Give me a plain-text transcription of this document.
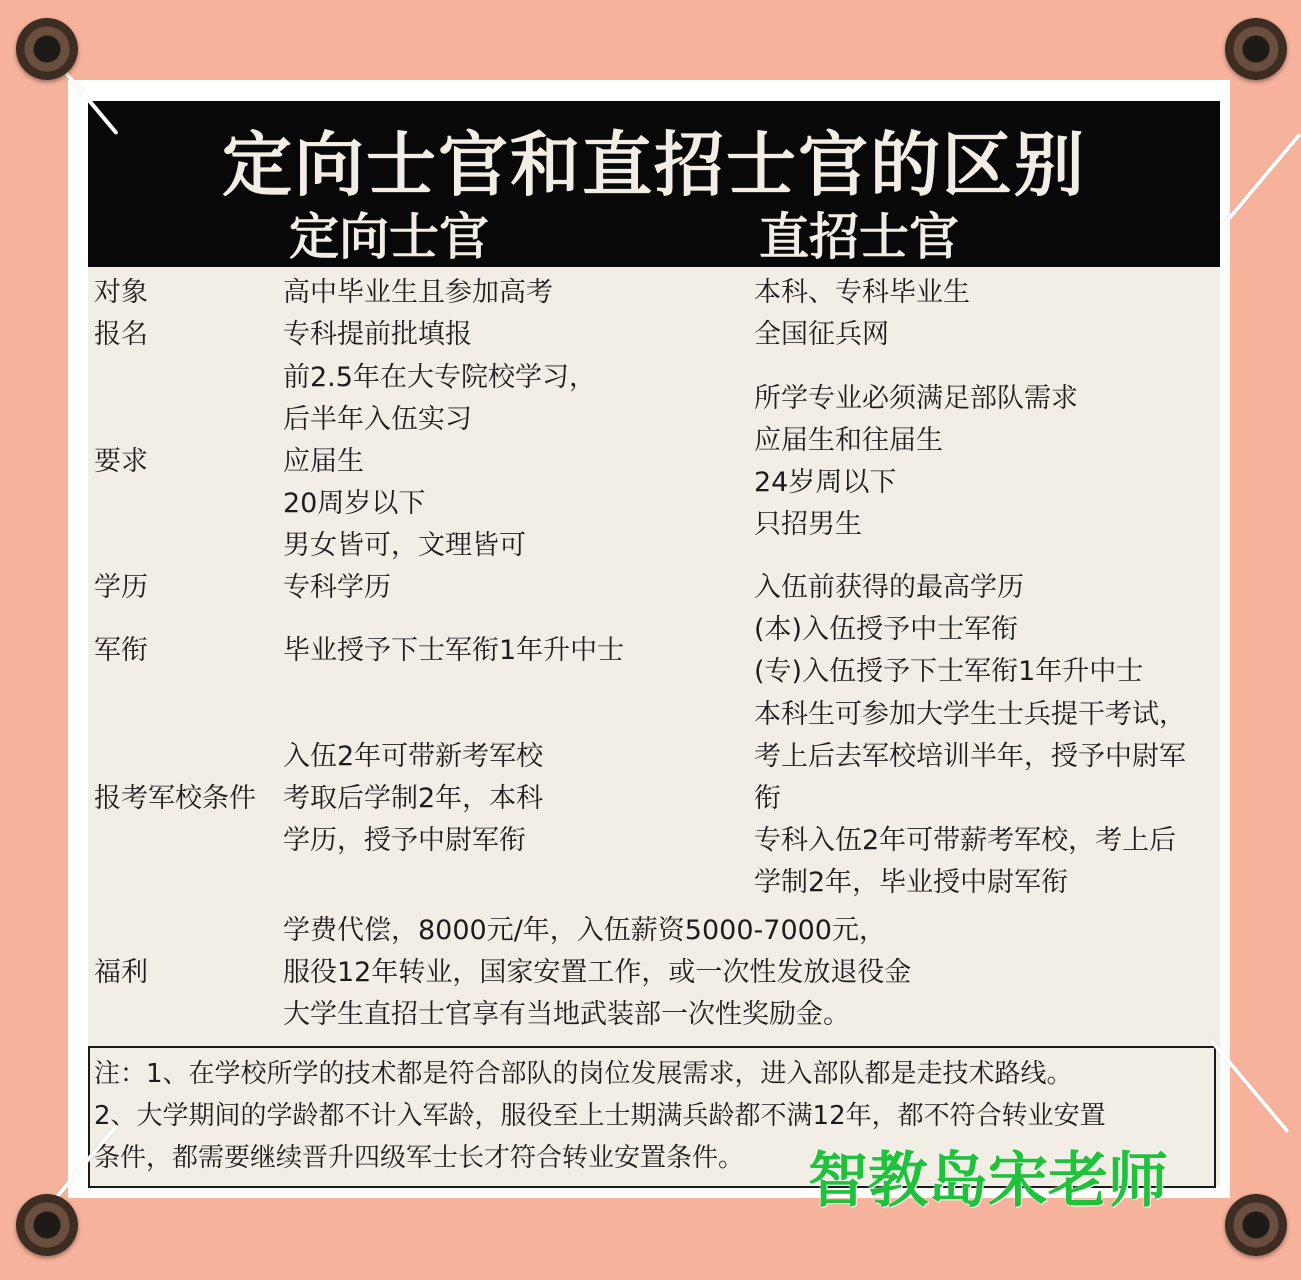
定向士官和直招士官的区别
定向士官	直招士官
对象
报名
要求
学历
军衔
报考军校条件
福利
高中毕业生且参加高考
专科提前批填报
前2.5年在大专院校学习，
后半年入伍实习
应届生
20周岁以下
男女皆可，文理皆可
专科学历
毕业授予下士军衔1年升中士
入伍2年可带新考军校
考取后学制2年，本科
学历，授予中尉军衔
学费代偿，8000元/年，入伍薪资5000-7000元，
服役12年转业，国家安置工作，或一次性发放退役金
大学生直招士官享有当地武装部一次性奖励金。
本科、专科毕业生
全国征兵网
所学专业必须满足部队需求
应届生和往届生
24岁周以下
只招男生
入伍前获得的最高学历
(本)入伍授予中士军衔
(专)入伍授予下士军衔1年升中士
本科生可参加大学生士兵提干考试，
考上后去军校培训半年，授予中尉军
衔
专科入伍2年可带薪考军校，考上后
学制2年，毕业授中尉军衔
注：1、在学校所学的技术都是符合部队的岗位发展需求，进入部队都是走技术路线。
2、大学期间的学龄都不计入军龄，服役至上士期满兵龄都不满12年，都不符合转业安置
条件，都需要继续晋升四级军士长才符合转业安置条件。 智教岛宋老师
